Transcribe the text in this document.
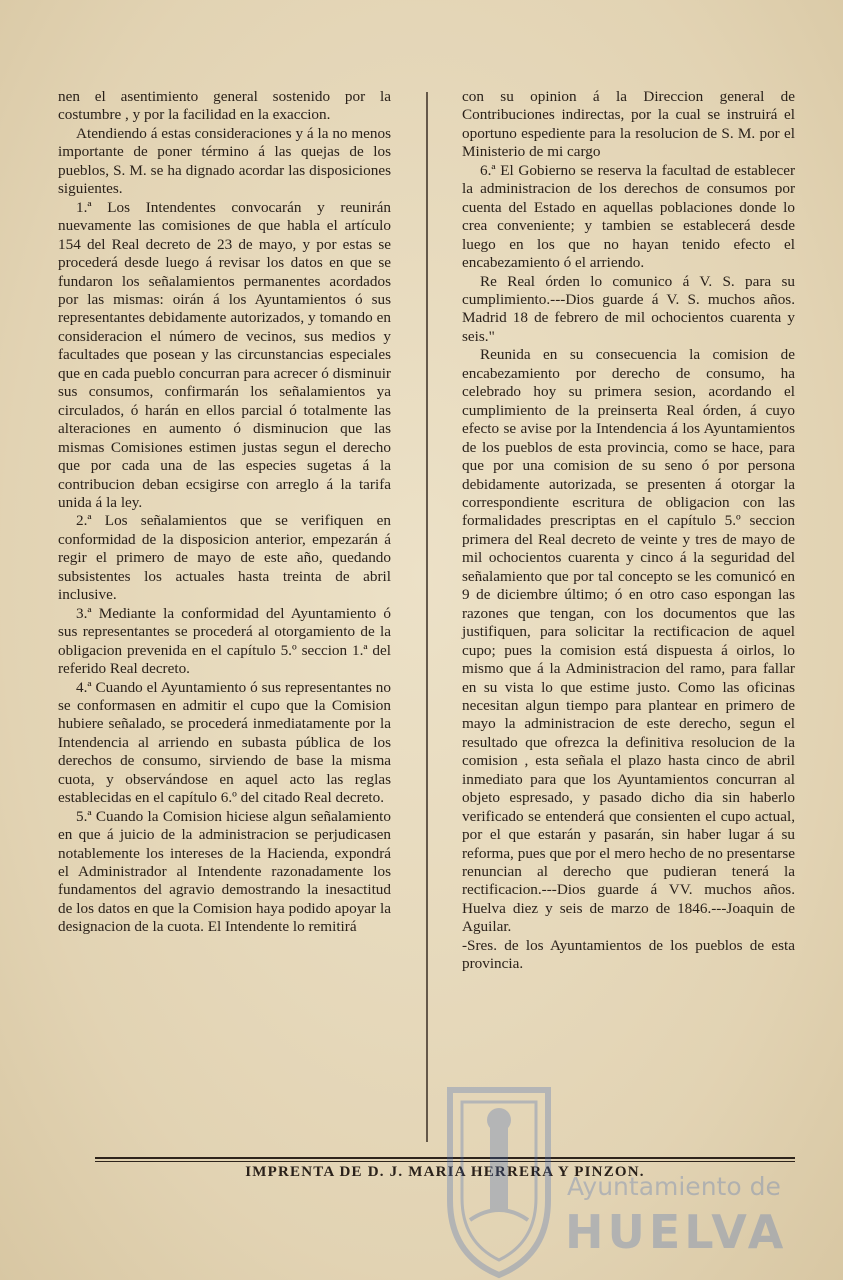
nen el asentimiento general sostenido por la costumbre , y por la facilidad en la exaccion.

Atendiendo á estas consideraciones y á la no menos importante de poner término á las quejas de los pueblos, S. M. se ha dignado acordar las disposiciones siguientes.

1.ª Los Intendentes convocarán y reunirán nuevamente las comisiones de que habla el artículo 154 del Real decreto de 23 de mayo, y por estas se procederá desde luego á revisar los datos en que se fundaron los señalamientos permanentes acordados por las mismas: oirán á los Ayuntamientos ó sus representantes debidamente autorizados, y tomando en consideracion el número de vecinos, sus medios y facultades que posean y las circunstancias especiales que en cada pueblo concurran para acrecer ó disminuir sus consumos, confirmarán los señalamientos ya circulados, ó harán en ellos parcial ó totalmente las alteraciones en aumento ó disminucion que las mismas Comisiones estimen justas segun el derecho que por cada una de las especies sugetas á la contribucion deban ecsigirse con arreglo á la tarifa unida á la ley.

2.ª Los señalamientos que se verifiquen en conformidad de la disposicion anterior, empezarán á regir el primero de mayo de este año, quedando subsistentes los actuales hasta treinta de abril inclusive.

3.ª Mediante la conformidad del Ayuntamiento ó sus representantes se procederá al otorgamiento de la obligacion prevenida en el capítulo 5.º seccion 1.ª del referido Real decreto.

4.ª Cuando el Ayuntamiento ó sus representantes no se conformasen en admitir el cupo que la Comision hubiere señalado, se procederá inmediatamente por la Intendencia al arriendo en subasta pública de los derechos de consumo, sirviendo de base la misma cuota, y observándose en aquel acto las reglas establecidas en el capítulo 6.º del citado Real decreto.

5.ª Cuando la Comision hiciese algun señalamiento en que á juicio de la administracion se perjudicasen notablemente los intereses de la Hacienda, expondrá el Administrador al Intendente razonadamente los fundamentos del agravio demostrando la inesactitud de los datos en que la Comision haya podido apoyar la designacion de la cuota. El Intendente lo remitirá

con su opinion á la Direccion general de Contribuciones indirectas, por la cual se instruirá el oportuno espediente para la resolucion de S. M. por el Ministerio de mi cargo

6.ª El Gobierno se reserva la facultad de establecer la administracion de los derechos de consumos por cuenta del Estado en aquellas poblaciones donde lo crea conveniente; y tambien se establecerá desde luego en los que no hayan tenido efecto el encabezamiento ó el arriendo.

Re Real órden lo comunico á V. S. para su cumplimiento.---Dios guarde á V. S. muchos años. Madrid 18 de febrero de mil ochocientos cuarenta y seis."

Reunida en su consecuencia la comision de encabezamiento por derecho de consumo, ha celebrado hoy su primera sesion, acordando el cumplimiento de la preinserta Real órden, á cuyo efecto se avise por la Intendencia á los Ayuntamientos de los pueblos de esta provincia, como se hace, para que por una comision de su seno ó por persona debidamente autorizada, se presenten á otorgar la correspondiente escritura de obligacion con las formalidades prescriptas en el capítulo 5.º seccion primera del Real decreto de veinte y tres de mayo de mil ochocientos cuarenta y cinco á la seguridad del señalamiento que por tal concepto se les comunicó en 9 de diciembre último; ó en otro caso espongan las razones que tengan, con los documentos que las justifiquen, para solicitar la rectificacion de aquel cupo; pues la comision está dispuesta á oirlos, lo mismo que á la Administracion del ramo, para fallar en su vista lo que estime justo. Como las oficinas necesitan algun tiempo para plantear en primero de mayo la administracion de este derecho, segun el resultado que ofrezca la definitiva resolucion de la comision , esta señala el plazo hasta cinco de abril inmediato para que los Ayuntamientos concurran al objeto espresado, y pasado dicho dia sin haberlo verificado se entenderá que consienten el cupo actual, por el que estarán y pasarán, sin haber lugar á su reforma, pues que por el mero hecho de no presentarse renuncian al derecho que pudieran tenerá la rectificacion.---Dios guarde á VV. muchos años. Huelva diez y seis de marzo de 1846.---Joaquin de Aguilar.

-Sres. de los Ayuntamientos de los pueblos de esta provincia.

IMPRENTA DE D. J. MARIA HERRERA Y PINZON.
Ayuntamiento de
HUELVA
